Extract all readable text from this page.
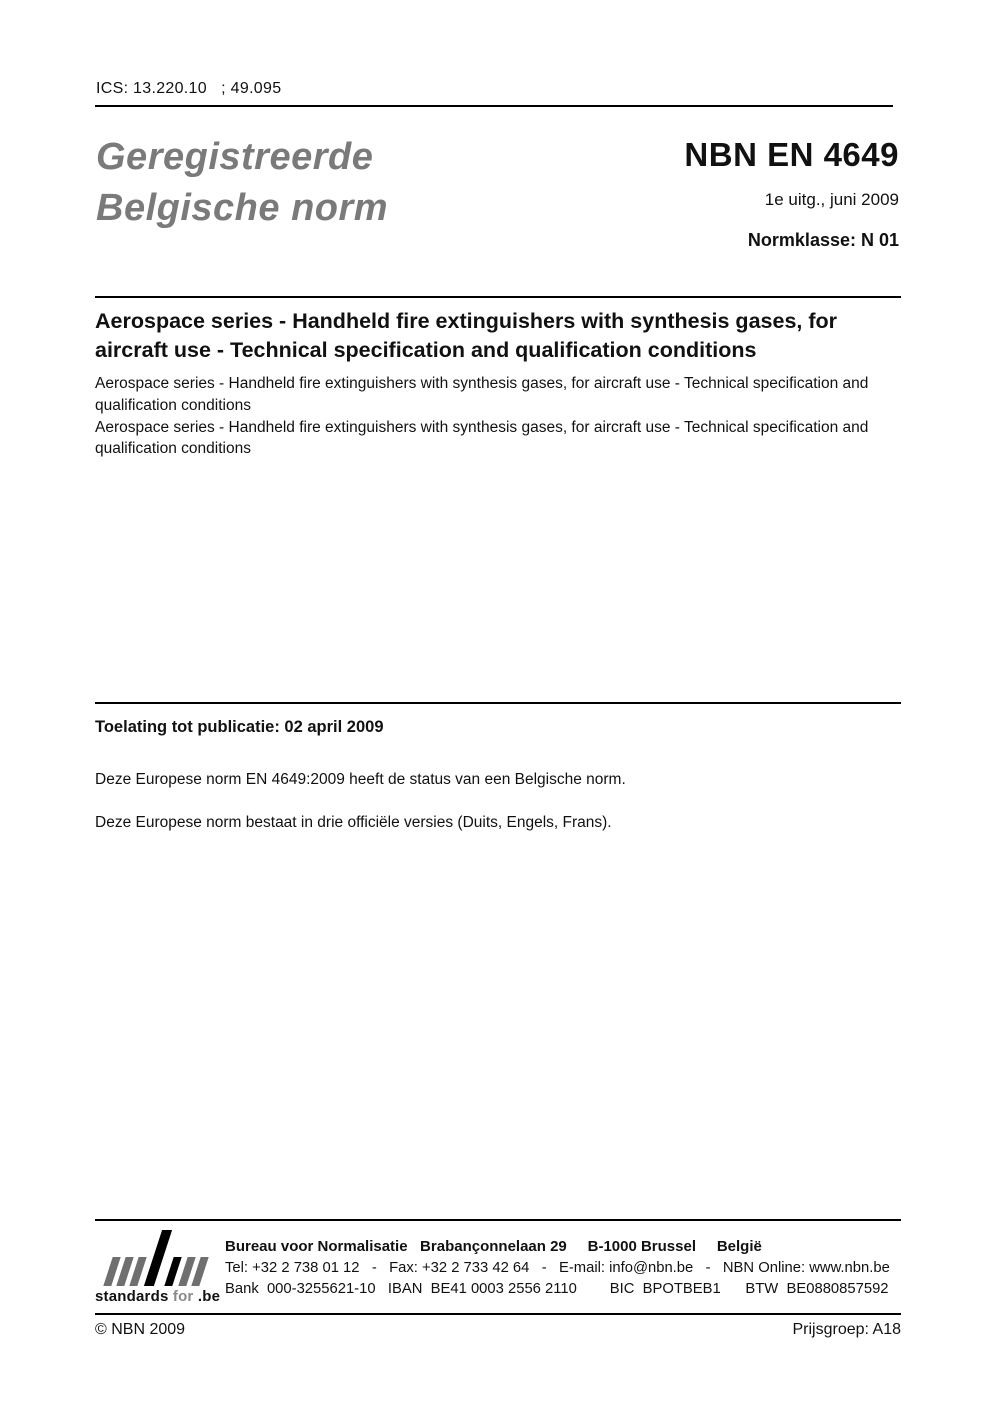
ICS: 13.220.10   ; 49.095
Geregistreerde
Belgische norm
NBN EN 4649
1e uitg., juni 2009
Normklasse: N 01
Aerospace series - Handheld fire extinguishers with synthesis gases, for aircraft use - Technical specification and qualification conditions

Aerospace series - Handheld fire extinguishers with synthesis gases, for aircraft use - Technical specification and qualification conditions

Aerospace series - Handheld fire extinguishers with synthesis gases, for aircraft use - Technical specification and qualification conditions

Toelating tot publicatie: 02 april 2009
Deze Europese norm EN 4649:2009 heeft de status van een Belgische norm.
Deze Europese norm bestaat in drie officiële versies (Duits, Engels, Frans).
standards for .be
Bureau voor Normalisatie   Brabançonnelaan 29     B-1000 Brussel     België
Tel: +32 2 738 01 12   -   Fax: +32 2 733 42 64   -   E-mail: info@nbn.be   -   NBN Online: www.nbn.be
Bank  000-3255621-10   IBAN  BE41 0003 2556 2110        BIC  BPOTBEB1      BTW  BE0880857592
© NBN 2009	Prijsgroep: A18
